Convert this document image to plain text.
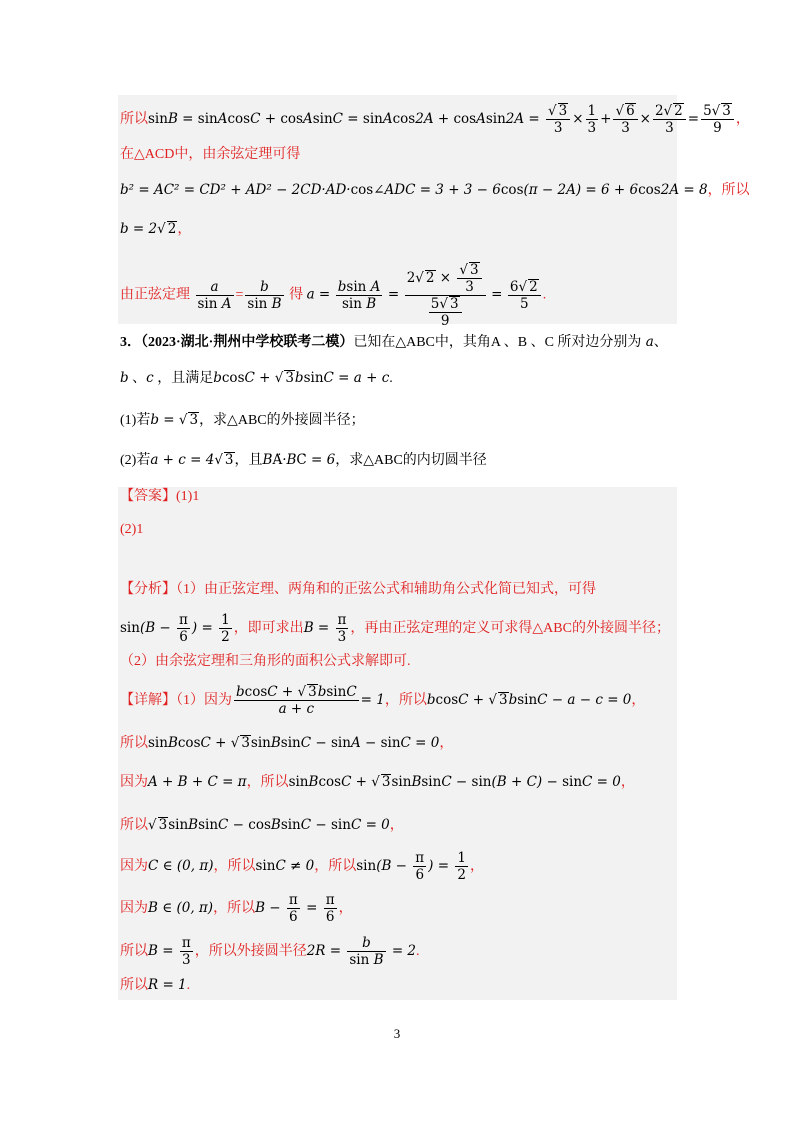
所以sinB = sinAcosC + cosAsinC = sinAcos2A + cosAsin2A = $\frac{√ 3}{3} \times \frac{1}{3} + \frac{√ 6}{3} \times \frac{2√ 2}{3} = \frac{5√ 3}{9}$ ，
在△ACD中，由余弦定理可得
b² = AC² = CD² + AD² − 2CD·AD·cos∠ADC = 3 + 3 − 6cos(π − 2A) = 6 + 6cos2A = 8，所以
b = 2√ 2，
由正弦定理 $\frac{a}{\text{sin A}} = \frac{b}{\text{sin B}}$ 得 $a = \frac{\text{bsin A}}{\text{sin B}} = \frac{2√ 2 \times \frac{√ 3}{3}}{\frac{5√ 3}{9}} = \frac{6√ 2}{5}$ .
3．（2023·湖北·荆州中学校联考二模）已知在△ABC中，其角A 、B 、C 所对边分别为 a、
b 、c ，且满足bcosC + √ 3bsinC = a + c.
(1)若b = √ 3，求△ABC的外接圆半径；
(2)若a + c = 4√ 3，且BȦ·BĊ = 6，求△ABC的内切圆半径
【答案】(1)1
(2)1
【分析】（1）由正弦定理、两角和的正弦公式和辅助角公式化简已知式，可得
$\sin(B - \frac{\pi}{6}$ ) = $\frac{1}{2}$ ，即可求出$B = \frac{\pi}{3}$ ，再由正弦定理的定义可求得△ABC的外接圆半径；
（2）由余弦定理和三角形的面积公式求解即可.
【详解】（1）因为 $\frac{bcosC + √ 3bsinC}{a + c} = 1$，所以bcosC + √ 3bsinC − a − c = 0，
所以sinBcosC + √ 3sinBsinC − sinA − sinC = 0，
因为A + B + C = π，所以sinBcosC + √ 3sinBsinC − sin(B + C) − sinC = 0，
所以√ 3sinBsinC − cosBsinC − sinC = 0，
因为C ∈ (0, π)，所以sinC ≠ 0，所以$\sin(B - \frac{\pi}{6}$ ) = $\frac{1}{2}$ ，
因为B ∈ (0, π)，所以$B - \frac{\pi}{6} = \frac{\pi}{6}$ ，
所以$B = \frac{\pi}{3}$ ，所以外接圆半径$2R = \frac{b}{\text{sin B}} = 2$.
所以R = 1.
3
